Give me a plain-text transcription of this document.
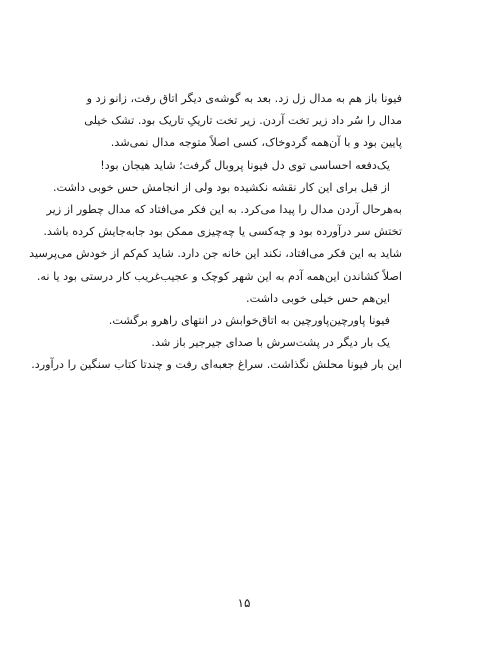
فیونا باز هم به مدال زل زد. بعد به گوشه‌ی دیگر اتاق رفت، زانو زد و
مدال را سُر داد زیر تخت آردن. زیر تخت تاریکِ تاریک بود. تشک خیلی
پایین بود و با آن‌همه گردوخاک، کسی اصلاً متوجه مدال نمی‌شد.
یک‌دفعه احساسی توی دل فیونا پروبال گرفت؛ شاید هیجان بود!
از قبل برای این کار نقشه نکشیده بود ولی از انجامش حس خوبی داشت.
به‌هرحال آردن مدال را پیدا می‌کرد. به این فکر می‌افتاد که مدال چطور از زیر
تختش سر درآورده بود و چه‌کسی یا چه‌چیزی ممکن بود جابه‌جایش کرده باشد.
شاید به این فکر می‌افتاد، نکند این خانه جن دارد. شاید کم‌کم از خودش می‌پرسید
اصلاً کشاندن این‌همه آدم به این شهر کوچک و عجیب‌غریب کار درستی بود یا نه.
این‌هم حس خیلی خوبی داشت.
فیونا پاورچین‌پاورچین به اتاق‌خوابش در انتهای راهرو برگشت.
یک بار دیگر در پشت‌سرش با صدای جیرجیر باز شد.
این بار فیونا محلش نگذاشت. سراغ جعبه‌ای رفت و چندتا کتاب سنگین را درآورد.
۱۵
